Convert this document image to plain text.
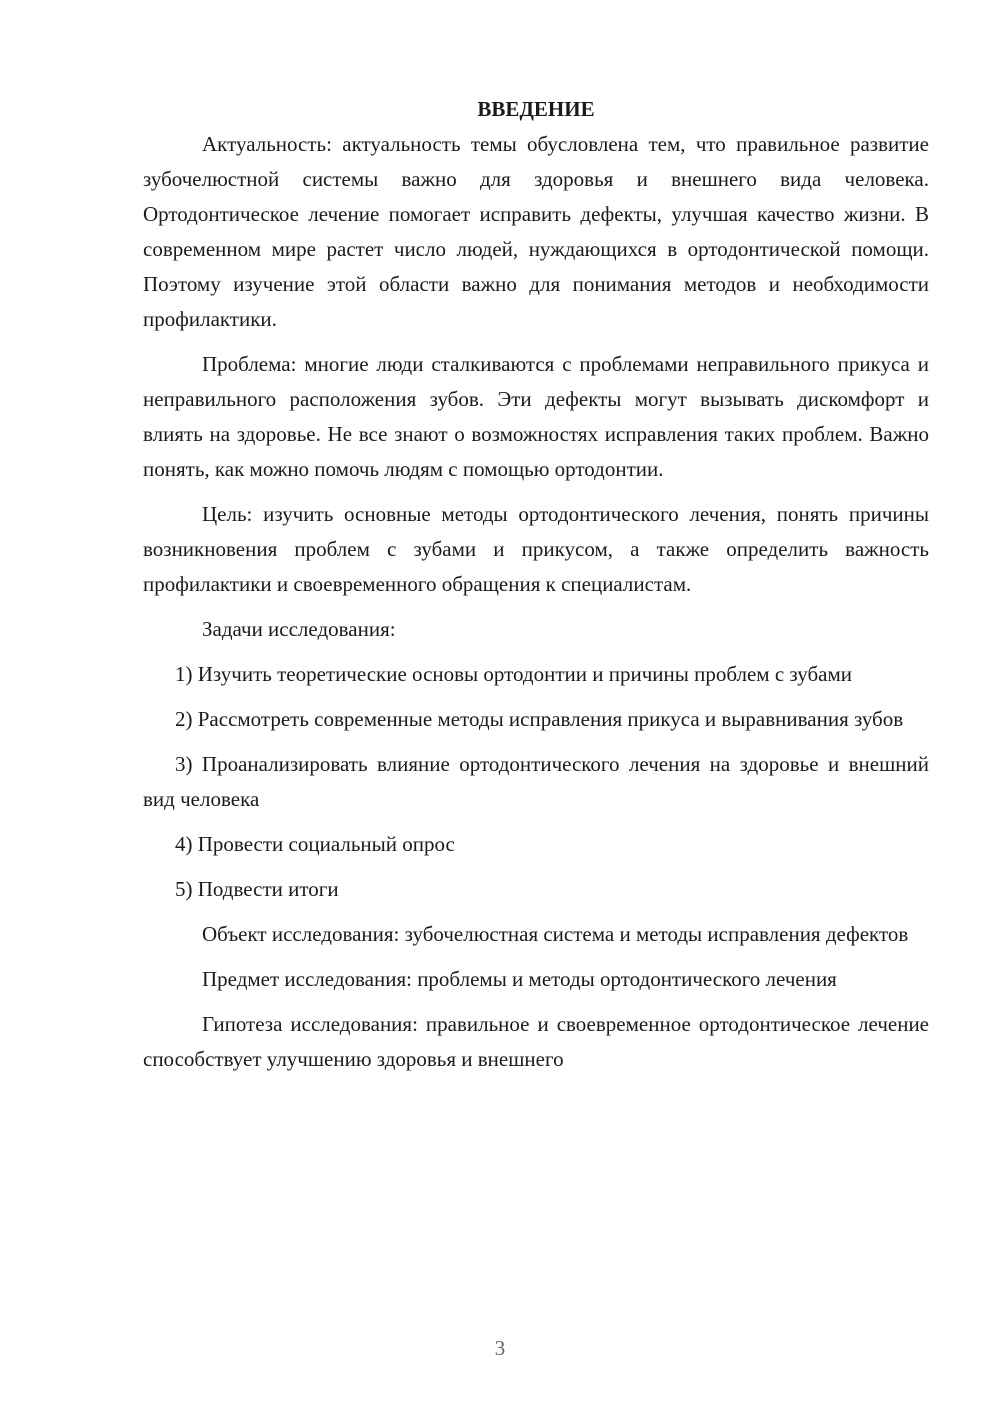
ВВЕДЕНИЕ

Актуальность: актуальность темы обусловлена тем, что правильное развитие зубочелюстной системы важно для здоровья и внешнего вида человека. Ортодонтическое лечение помогает исправить дефекты, улучшая качество жизни. В современном мире растет число людей, нуждающихся в ортодонтической помощи. Поэтому изучение этой области важно для понимания методов и необходимости профилактики.

Проблема: многие люди сталкиваются с проблемами неправильного прикуса и неправильного расположения зубов. Эти дефекты могут вызывать дискомфорт и влиять на здоровье. Не все знают о возможностях исправления таких проблем. Важно понять, как можно помочь людям с помощью ортодонтии.

Цель: изучить основные методы ортодонтического лечения, понять причины возникновения проблем с зубами и прикусом, а также определить важность профилактики и своевременного обращения к специалистам.

Задачи исследования:

1) Изучить теоретические основы ортодонтии и причины проблем с зубами

2) Рассмотреть современные методы исправления прикуса и выравнивания зубов

3) Проанализировать влияние ортодонтического лечения на здоровье и внешний вид человека

4) Провести социальный опрос

5) Подвести итоги

Объект исследования: зубочелюстная система и методы исправления дефектов

Предмет исследования: проблемы и методы ортодонтического лечения

Гипотеза исследования: правильное и своевременное ортодонтическое лечение способствует улучшению здоровья и внешнего

3
